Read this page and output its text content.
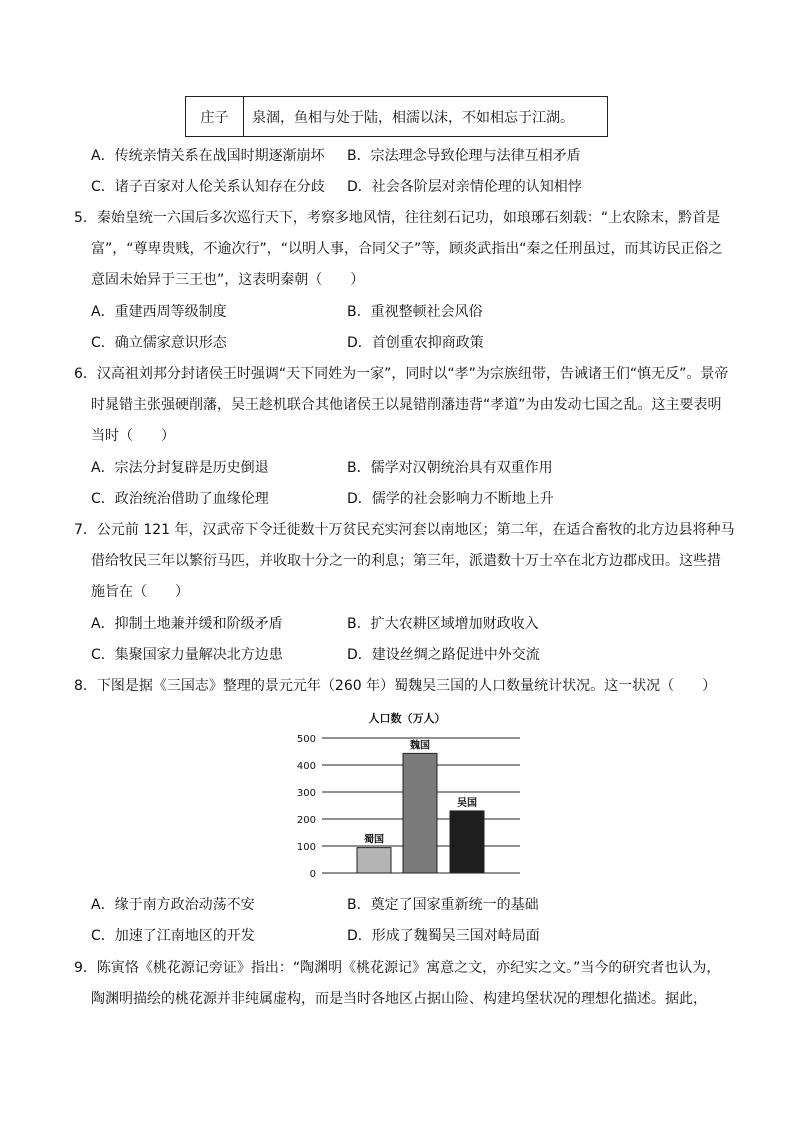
庄子	泉涸，鱼相与处于陆，相濡以沫，不如相忘于江湖。
A．传统亲情关系在战国时期逐渐崩坏 B．宗法理念导致伦理与法律互相矛盾
C．诸子百家对人伦关系认知存在分歧 D．社会各阶层对亲情伦理的认知相悖
5．秦始皇统一六国后多次巡行天下，考察多地风情，往往刻石记功，如琅琊石刻载：“上农除末，黔首是
富”，“尊卑贵贱，不逾次行”，“以明人事，合同父子”等，顾炎武指出“秦之任刑虽过，而其访民正俗之
意固未始异于三王也”，这表明秦朝（　　）
A．重建西周等级制度	B．重视整顿社会风俗
C．确立儒家意识形态	D．首创重农抑商政策
6．汉高祖刘邦分封诸侯王时强调“天下同姓为一家”，同时以“孝”为宗族纽带，告诫诸王们“慎无反”。景帝
时晁错主张强硬削藩，吴王趁机联合其他诸侯王以晁错削藩违背“孝道”为由发动七国之乱。这主要表明
当时（　　）
A．宗法分封复辟是历史倒退	B．儒学对汉朝统治具有双重作用
C．政治统治借助了血缘伦理	D．儒学的社会影响力不断地上升
7．公元前 121 年，汉武帝下令迁徙数十万贫民充实河套以南地区；第二年，在适合畜牧的北方边县将种马
借给牧民三年以繁衍马匹，并收取十分之一的利息；第三年，派遣数十万士卒在北方边郡戍田。这些措
施旨在（　　）
A．抑制土地兼并缓和阶级矛盾	B．扩大农耕区域增加财政收入
C．集聚国家力量解决北方边患	D．建设丝绸之路促进中外交流
8．下图是据《三国志》整理的景元元年（260 年）蜀魏吴三国的人口数量统计状况。这一状况（　　）
人口数（万人）
0
100
200
300
400
500
蜀国
魏国
吴国
A．缘于南方政治动荡不安	B．奠定了国家重新统一的基础
C．加速了江南地区的开发	D．形成了魏蜀吴三国对峙局面
9．陈寅恪《桃花源记旁证》指出：“陶渊明《桃花源记》寓意之文，亦纪实之文。”当今的研究者也认为，
陶渊明描绘的桃花源并非纯属虚构，而是当时各地区占据山险、构建坞堡状况的理想化描述。据此，
